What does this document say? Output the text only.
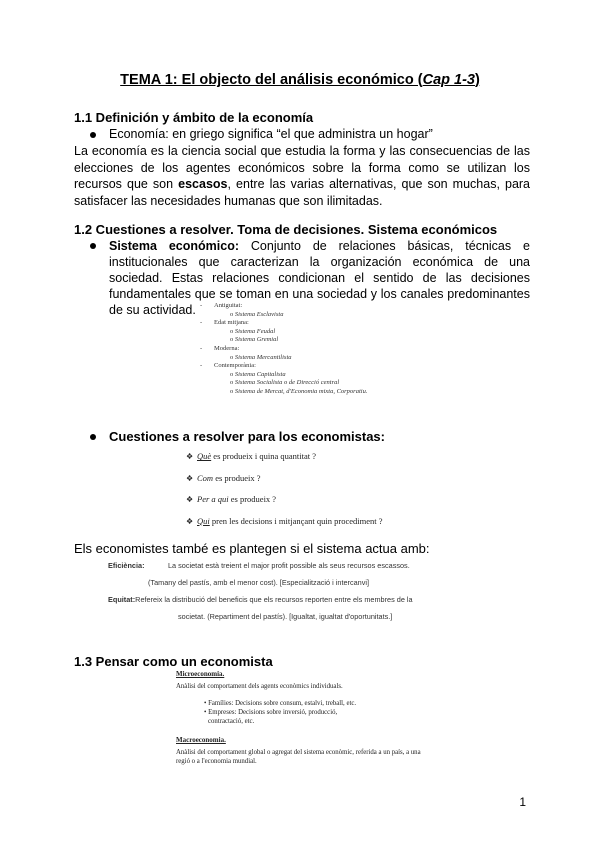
TEMA 1: El objecto del análisis económico (Cap 1-3)
1.1 Definición y ámbito de la economía
Economía: en griego significa “el que administra un hogar”
La economía es la ciencia social que estudia la forma y las consecuencias de las elecciones de los agentes económicos sobre la forma como se utilizan los recursos que son escasos, entre las varias alternativas, que son muchas, para satisfacer las necesidades humanas que son ilimitadas.
1.2 Cuestiones a resolver. Toma de decisiones. Sistema económicos
Sistema económico: Conjunto de relaciones básicas, técnicas e institucionales que caracterizan la organización económica de una sociedad. Estas relaciones condicionan el sentido de las decisiones fundamentales que se toman en una sociedad y los canales predominantes de su actividad.	- Antiguitat:
o Sistema Esclavista
- Edat mitjana:
o Sistema Feudal
o Sistema Gremial
- Moderna:
o Sistema Mercantilista
- Contemporània:
o Sistema Capitalista
o Sistema Socialista o de Direcció central
o Sistema de Mercat, d'Economia mixta, Corporatiu.
Cuestiones a resolver para los economistas:
❖ Què es produeix i quina quantitat ?
❖ Com es produeix ?
❖ Per a qui es produeix ?
❖ Qui pren les decisions i mitjançant quin procediment ?
Els economistes també es plantegen si el sistema actua amb:
Eficiència:	La societat està treient el major profit possible als seus recursos escassos.
(Tamany del pastís, amb el menor cost). [Especialització i intercanvi]
Equitat:Refereix la distribució del beneficis que els recursos reporten entre els membres de la
societat. (Repartiment del pastís). [Igualtat, igualtat d'oportunitats.]
1.3 Pensar como un economista
Microeconomia.
Anàlisi del comportament dels agents econòmics individuals.
• Famílies: Decisions sobre consum, estalvi, treball, etc.
• Empreses: Decisions sobre inversió, producció,
contractació, etc.
Macroeconomia.
Anàlisi del comportament global o agregat del sistema econòmic, referida a un país, a una regió o a l'economia mundial.
1
